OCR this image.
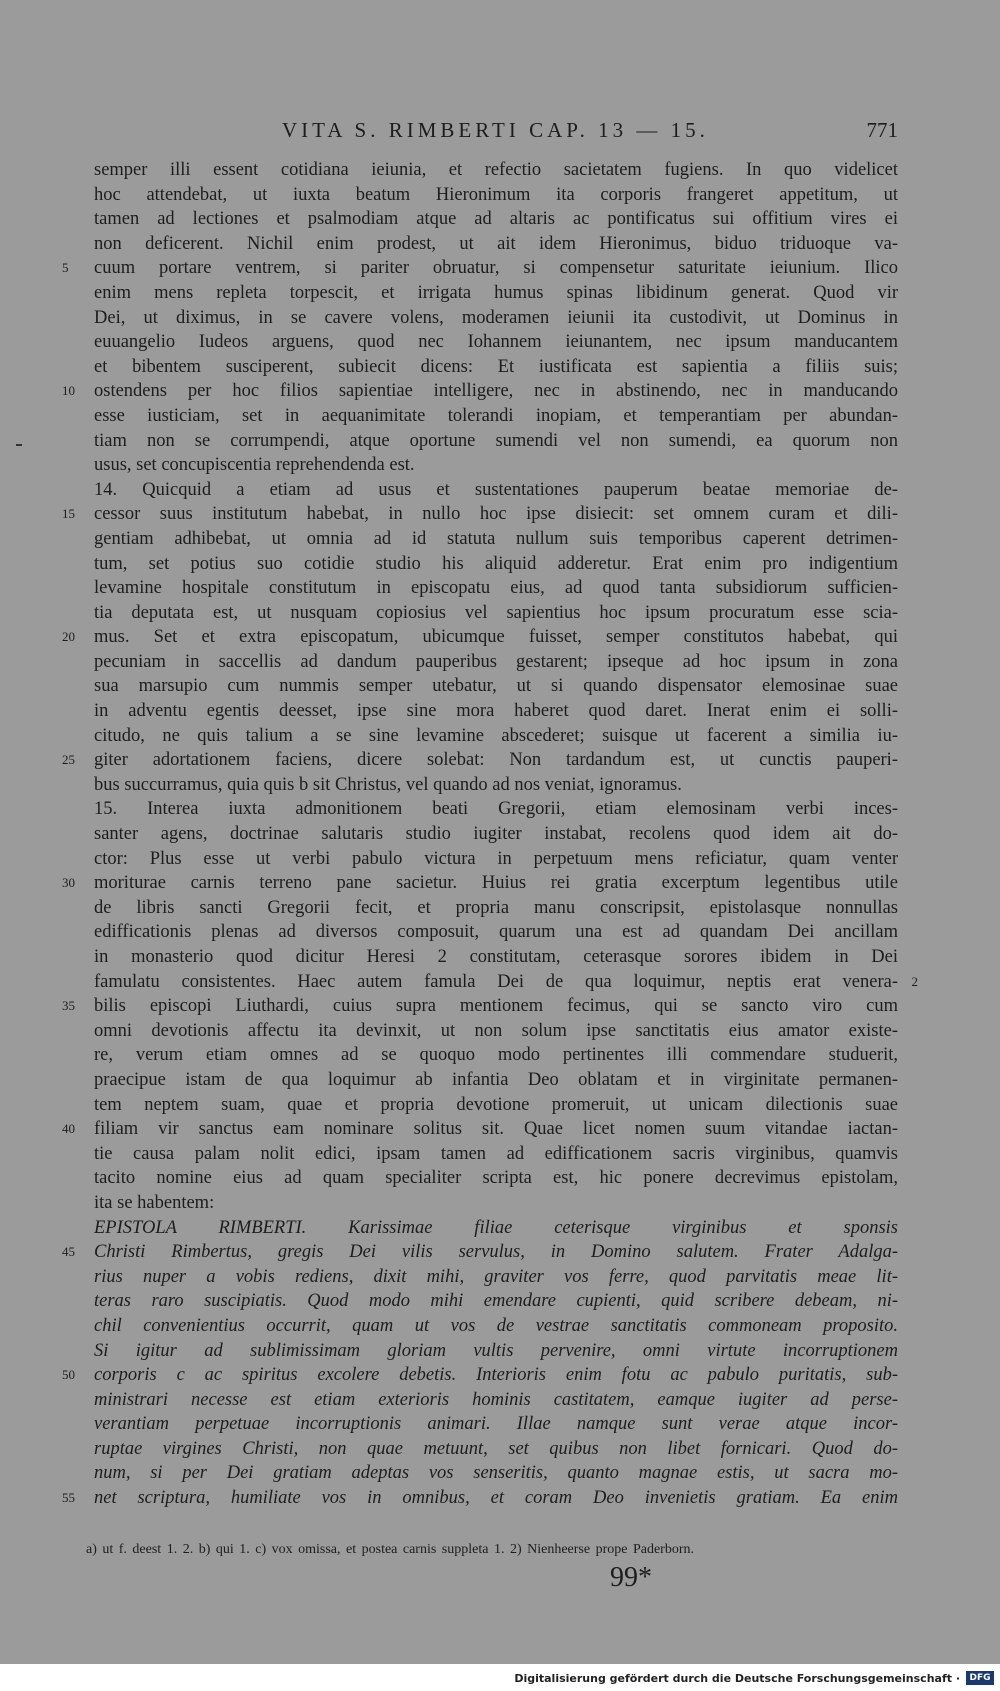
VITA S. RIMBERTI CAP. 13 — 15.	771
semper illi essent cotidiana ieiunia, et refectio sacietatem fugiens. In quo videlicet
hoc attendebat, ut iuxta beatum Hieronimum ita corporis frangeret appetitum, ut
tamen ad lectiones et psalmodiam atque ad altaris ac pontificatus sui offitium vires ei
non deficerent. Nichil enim prodest, ut ait idem Hieronimus, biduo triduoque va-
5	cuum portare ventrem, si pariter obruatur, si compensetur saturitate ieiunium. Ilico
enim mens repleta torpescit, et irrigata humus spinas libidinum generat. Quod vir
Dei, ut diximus, in se cavere volens, moderamen ieiunii ita custodivit, ut Dominus in
euuangelio Iudeos arguens, quod nec Iohannem ieiunantem, nec ipsum manducantem
et bibentem susciperent, subiecit dicens: Et iustificata est sapientia a filiis suis;
10	ostendens per hoc filios sapientiae intelligere, nec in abstinendo, nec in manducando
esse iusticiam, set in aequanimitate tolerandi inopiam, et temperantiam per abundan-
tiam non se corrumpendi, atque oportune sumendi vel non sumendi, ea quorum non
usus, set concupiscentia reprehendenda est.
14. Quicquid a etiam ad usus et sustentationes pauperum beatae memoriae de-
15	cessor suus institutum habebat, in nullo hoc ipse disiecit: set omnem curam et dili-
gentiam adhibebat, ut omnia ad id statuta nullum suis temporibus caperent detrimen-
tum, set potius suo cotidie studio his aliquid adderetur. Erat enim pro indigentium
levamine hospitale constitutum in episcopatu eius, ad quod tanta subsidiorum sufficien-
tia deputata est, ut nusquam copiosius vel sapientius hoc ipsum procuratum esse scia-
20	mus. Set et extra episcopatum, ubicumque fuisset, semper constitutos habebat, qui
pecuniam in saccellis ad dandum pauperibus gestarent; ipseque ad hoc ipsum in zona
sua marsupio cum nummis semper utebatur, ut si quando dispensator elemosinae suae
in adventu egentis deesset, ipse sine mora haberet quod daret. Inerat enim ei solli-
citudo, ne quis talium a se sine levamine abscederet; suisque ut facerent a similia iu-
25	giter adortationem faciens, dicere solebat: Non tardandum est, ut cunctis pauperi-
bus succurramus, quia quis b sit Christus, vel quando ad nos veniat, ignoramus.
15. Interea iuxta admonitionem beati Gregorii, etiam elemosinam verbi inces-
santer agens, doctrinae salutaris studio iugiter instabat, recolens quod idem ait do-
ctor: Plus esse ut verbi pabulo victura in perpetuum mens reficiatur, quam venter
30	moriturae carnis terreno pane sacietur. Huius rei gratia excerptum legentibus utile
de libris sancti Gregorii fecit, et propria manu conscripsit, epistolasque nonnullas
edifficationis plenas ad diversos composuit, quarum una est ad quandam Dei ancillam
in monasterio quod dicitur Heresi 2 constitutam, ceterasque sorores ibidem in Dei
2
famulatu consistentes. Haec autem famula Dei de qua loquimur, neptis erat venera-
35	bilis episcopi Liuthardi, cuius supra mentionem fecimus, qui se sancto viro cum
omni devotionis affectu ita devinxit, ut non solum ipse sanctitatis eius amator existe-
re, verum etiam omnes ad se quoquo modo pertinentes illi commendare studuerit,
praecipue istam de qua loquimur ab infantia Deo oblatam et in virginitate permanen-
tem neptem suam, quae et propria devotione promeruit, ut unicam dilectionis suae
40	filiam vir sanctus eam nominare solitus sit. Quae licet nomen suum vitandae iactan-
tie causa palam nolit edici, ipsam tamen ad edifficationem sacris virginibus, quamvis
tacito nomine eius ad quam specialiter scripta est, hic ponere decrevimus epistolam,
ita se habentem:
EPISTOLA RIMBERTI. Karissimae filiae ceterisque virginibus et sponsis
45	Christi Rimbertus, gregis Dei vilis servulus, in Domino salutem. Frater Adalga-
rius nuper a vobis rediens, dixit mihi, graviter vos ferre, quod parvitatis meae lit-
teras raro suscipiatis. Quod modo mihi emendare cupienti, quid scribere debeam, ni-
chil convenientius occurrit, quam ut vos de vestrae sanctitatis commoneam proposito.
Si igitur ad sublimissimam gloriam vultis pervenire, omni virtute incorruptionem
50	corporis c ac spiritus excolere debetis. Interioris enim fotu ac pabulo puritatis, sub-
ministrari necesse est etiam exterioris hominis castitatem, eamque iugiter ad perse-
verantiam perpetuae incorruptionis animari. Illae namque sunt verae atque incor-
ruptae virgines Christi, non quae metuunt, set quibus non libet fornicari. Quod do-
num, si per Dei gratiam adeptas vos senseritis, quanto magnae estis, ut sacra mo-
55	net scriptura, humiliate vos in omnibus, et coram Deo invenietis gratiam. Ea enim
a) ut f. deest 1. 2. b) qui 1. c) vox omissa, et postea carnis suppleta 1. 2) Nienheerse prope Paderborn.
99*
Digitalisierung gefördert durch die Deutsche Forschungsgemeinschaft ·	DFG
